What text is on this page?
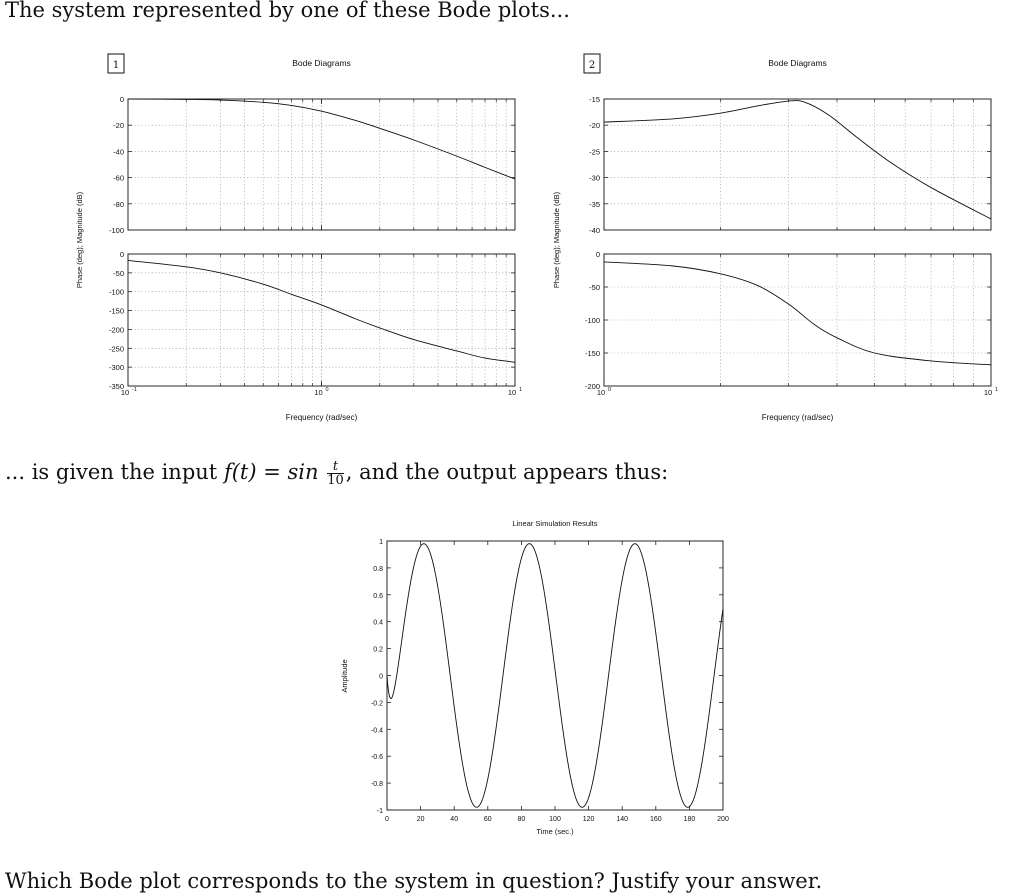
The system represented by one of these Bode plots...
... is given the input $f(t) = \sin \frac{t}{10}$ , and the output appears thus:
Which Bode plot corresponds to the system in question? Justify your answer.
1	Bode Diagrams
0
-20
-40
-60
-80
-100
0
-50
-100
-150
-200
-250
-300
-350
10 -1	10 0	10 1
Frequency (rad/sec)
Phase (deg); Magnitude (dB)
2	Bode Diagrams
-15
-20
-25
-30
-35
-40
0
-50
-100
-150
-200
10 0	10 1
Frequency (rad/sec)
Phase (deg); Magnitude (dB)
Linear Simulation Results
1
0.8
0.6
0.4
0.2
0
-0.2
-0.4
-0.6
-0.8
-1
0	20	40	60	80	100	120	140	160	180	200
Time (sec.)
Amplitude
